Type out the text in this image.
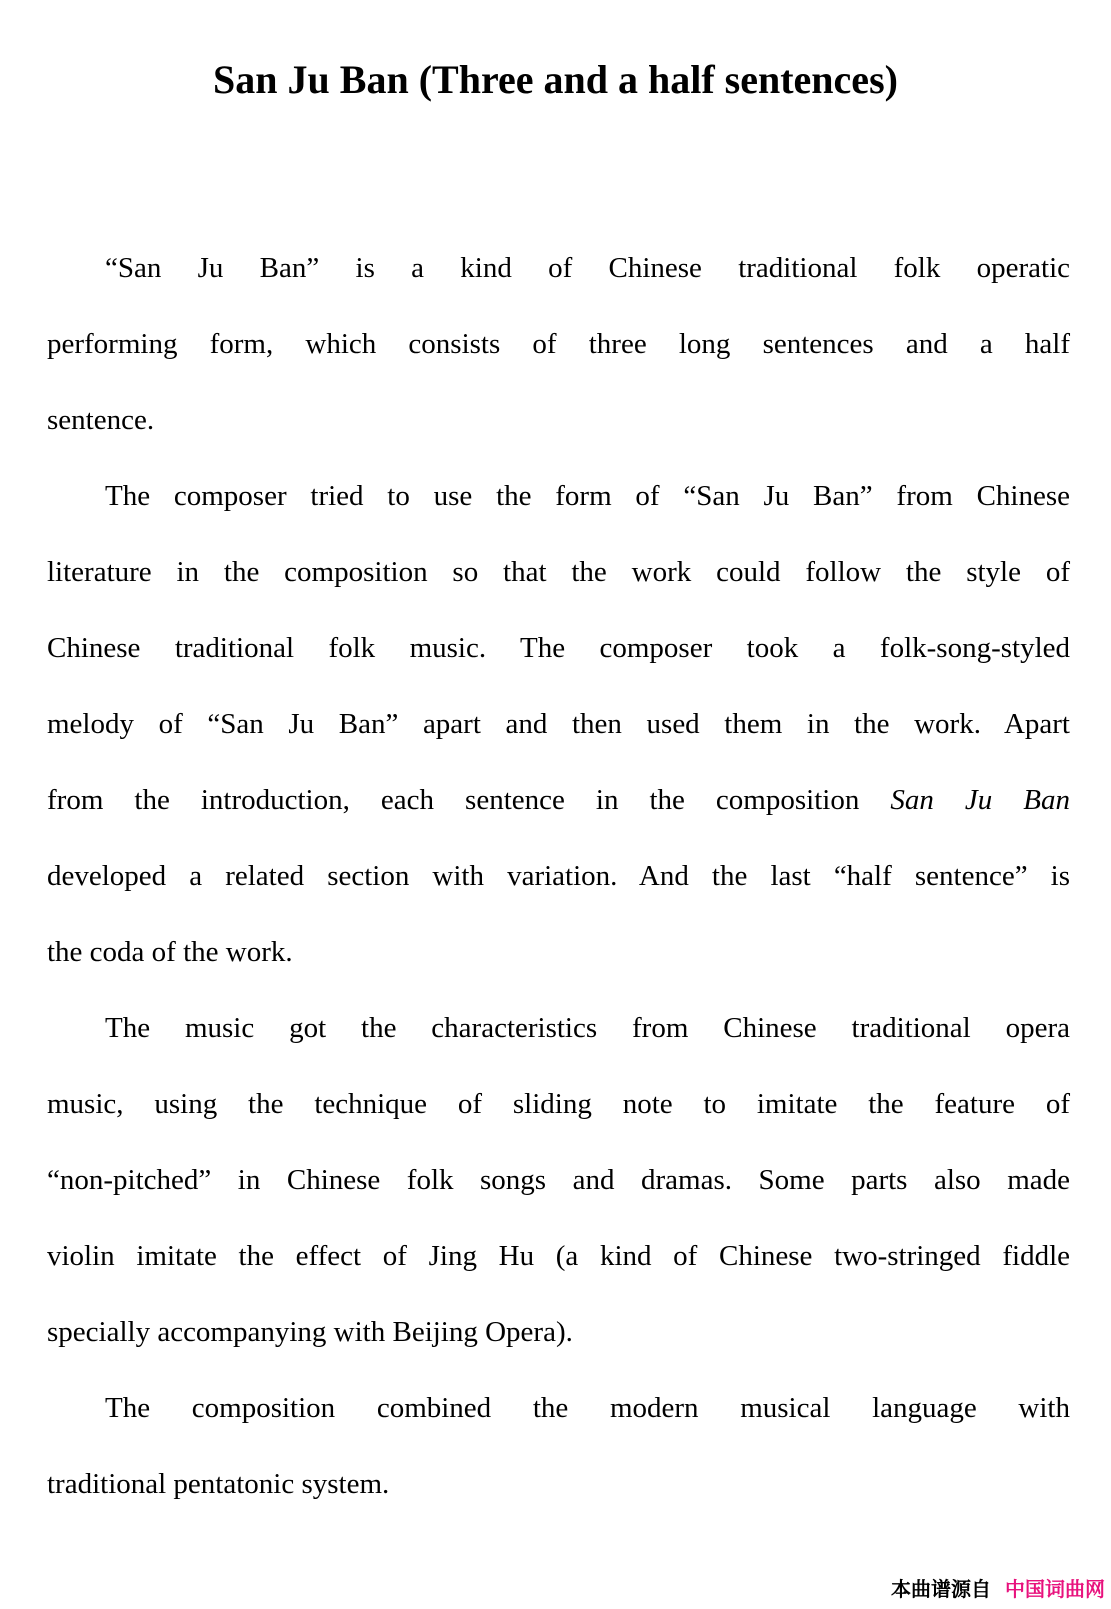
San Ju Ban (Three and a half sentences)
“San Ju Ban” is a kind of Chinese traditional folk operatic
performing form, which consists of three long sentences and a half
sentence.
The composer tried to use the form of “San Ju Ban” from Chinese
literature in the composition so that the work could follow the style of
Chinese traditional folk music. The composer took a folk-song-styled
melody of “San Ju Ban” apart and then used them in the work. Apart
from the introduction, each sentence in the composition San Ju Ban
developed a related section with variation. And the last “half sentence” is
the coda of the work.
The music got the characteristics from Chinese traditional opera
music, using the technique of sliding note to imitate the feature of
“non-pitched” in Chinese folk songs and dramas. Some parts also made
violin imitate the effect of Jing Hu (a kind of Chinese two-stringed fiddle
specially accompanying with Beijing Opera).
The composition combined the modern musical language with
traditional pentatonic system.
本曲谱源自 中国词曲网
